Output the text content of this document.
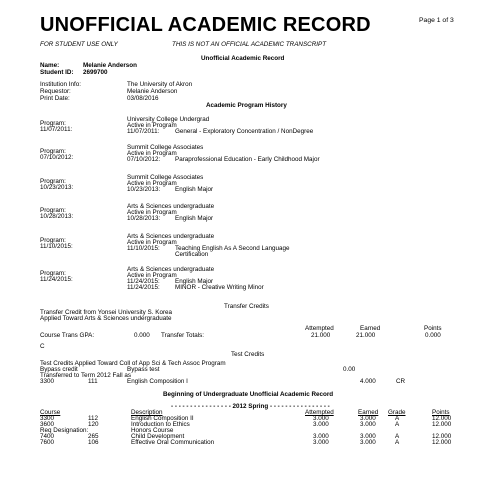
UNOFFICIAL ACADEMIC RECORD	Page 1 of 3
FOR STUDENT USE ONLY	THIS IS NOT AN OFFICIAL ACADEMIC TRANSCRIPT
Unofficial Academic Record
Name:	Melanie Anderson
Student ID: 2699700
Institution Info:	The University of Akron
Requestor:	Melanie Anderson
Print Date:	03/08/2016
Academic Program History
Program:
11/07/2011:
University College Undergrad
Active in Program
11/07/2011: General - Exploratory Concentration / NonDegree
Program:
07/10/2012:
Summit College Associates
Active in Program
07/10/2012: Paraprofessional Education - Early Childhood Major
Program:
10/23/2013:
Summit College Associates
Active in Program
10/23/2013: English Major
Program:
10/28/2013:
Arts & Sciences undergraduate
Active in Program
10/28/2013: English Major
Program:
11/10/2015:
Arts & Sciences undergraduate
Active in Program
11/10/2015: Teaching English As A Second Language
Certification
Program:
11/24/2015:
Arts & Sciences undergraduate
Active in Program
11/24/2015: English Major
11/24/2015: MINOR - Creative Writing Minor
Transfer Credits
Transfer Credit from Yonsei University S. Korea
Applied Toward Arts & Sciences undergraduate
Attempted	Earned	Points
Course Trans GPA:	0.000 Transfer Totals:	21.000	21.000	0.000
C
Test Credits
Test Credits Applied Toward Coll of App Sci & Tech Assoc Program
Bypass credit	Bypass test	0.00
Transferred to Term 2012 Fall as
3300	111	English Composition I	4.000	CR
Beginning of Undergraduate Unofficial Academic Record
- - - - - - - - - - - - - - - - 2012 Spring - - - - - - - - - - - - - - - -
Course	Description	Attempted	Earned Grade	Points
3300	112	English Composition II	3.000	3.000	A	12.000
3600	120	Introduction to Ethics	3.000	3.000	A	12.000
Req Designation:	Honors Course
7400	265	Child Development	3.000	3.000	A	12.000
7600	106	Effective Oral Communication	3.000	3.000	A	12.000
